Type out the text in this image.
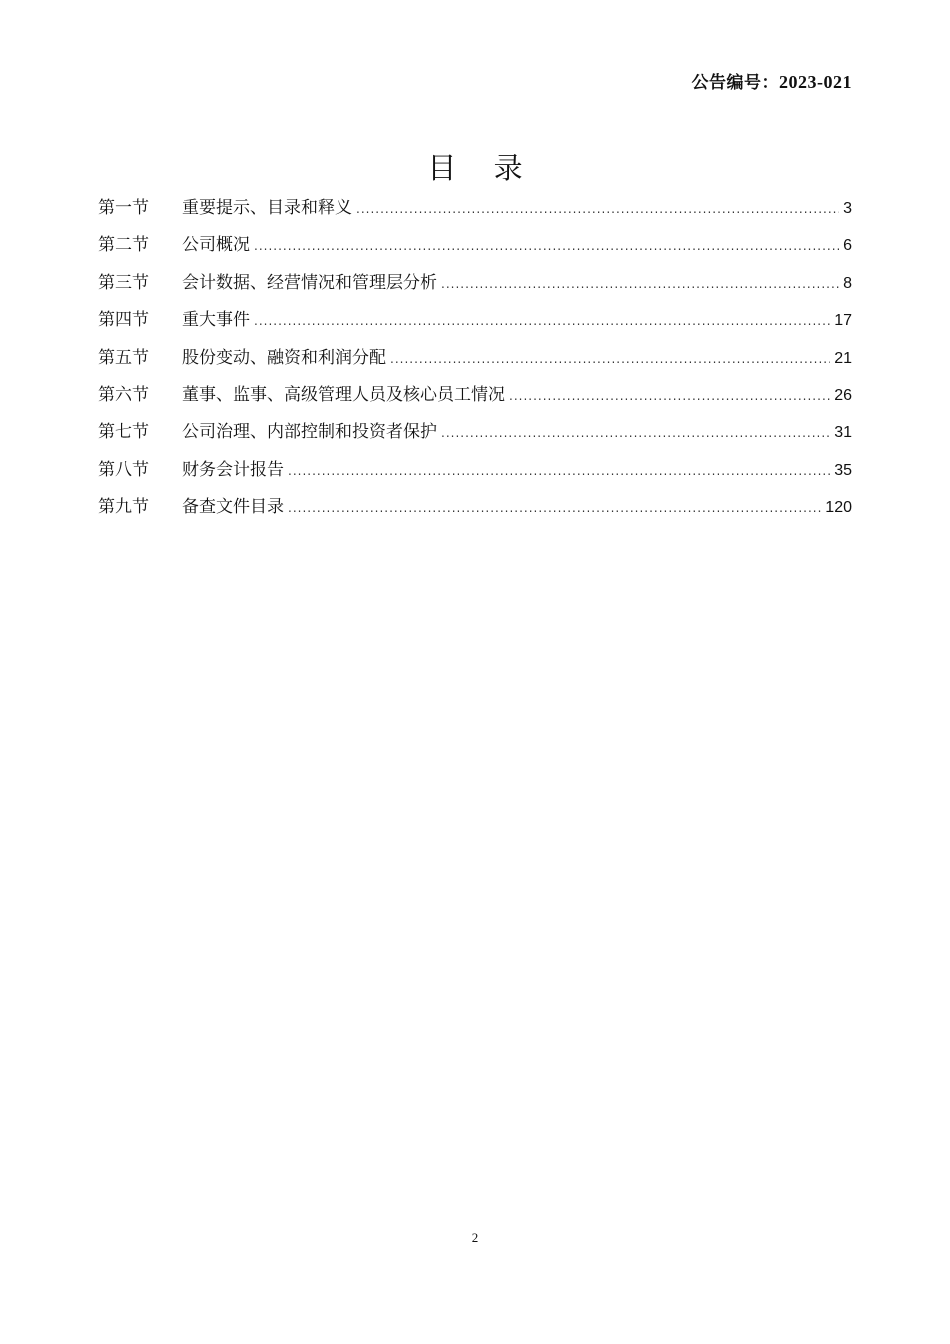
公告编号：2023-021
目 录
第一节	重要提示、目录和释义 .....	3
第二节	公司概况 .....	6
第三节	会计数据、经营情况和管理层分析 .....	8
第四节	重大事件 .....	17
第五节	股份变动、融资和利润分配 .....	21
第六节	董事、监事、高级管理人员及核心员工情况 .....	26
第七节	公司治理、内部控制和投资者保护 .....	31
第八节	财务会计报告 .....	35
第九节	备查文件目录 .....	120
2
